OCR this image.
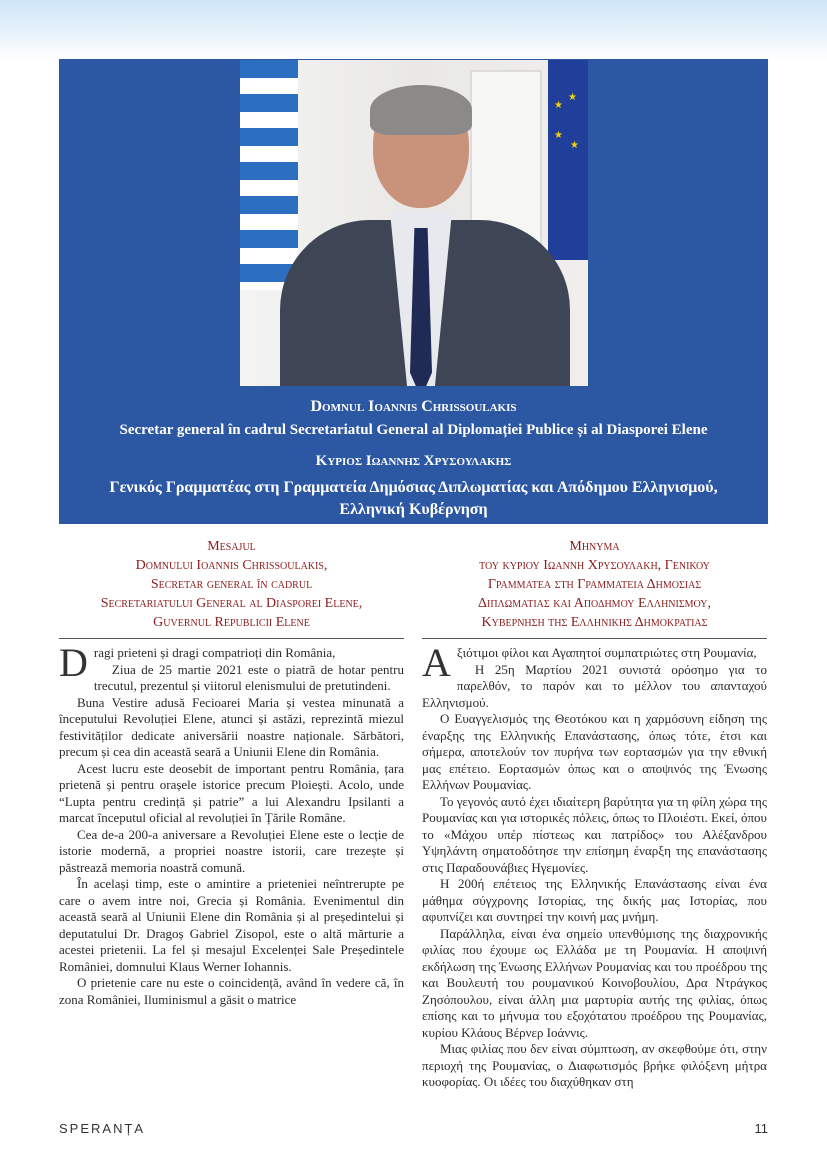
★
★
★
★
Domnul Ioannis Chrissoulakis
Secretar general în cadrul Secretariatul General al Diplomației Publice și al Diasporei Elene
Κυριος Ιωαννης Χρυσουλακης
Γενικός Γραμματέας στη Γραμματεία Δημόσιας Διπλωματίας και Απόδημου Ελληνισμού,
Ελληνική Κυβέρνηση
Mesajul
Domnului Ioannis Chrissoulakis,
Secretar general în cadrul
Secretariatului General al Diasporei Elene,
Guvernul Republicii Elene
Μηνυμα
του κυριου Ιωαννη Χρυσουλακη, Γενικου
Γραμματεα στη Γραμματεια Δημοσιας
Διπλωματιας και Αποδημου Ελληνισμου,
Κυβερνηση της Ελληνικης Δημοκρατιας
D ragi prieteni și dragi compatrioți din România,

Ziua de 25 martie 2021 este o piatră de hotar pentru trecutul, prezentul și viitorul elenismului de pretutindeni.

Buna Vestire adusă Fecioarei Maria și vestea minunată a începutului Revoluției Elene, atunci și astăzi, reprezintă miezul festivităților dedicate aniversării noastre naționale. Sărbători, precum și cea din această seară a Uniunii Elene din România.

Acest lucru este deosebit de important pentru România, țara prietenă și pentru orașele istorice precum Ploiești. Acolo, unde “Lupta pentru credință și patrie” a lui Alexandru Ipsilanti a marcat începutul oficial al revoluției în Țările Române.

Cea de-a 200-a aniversare a Revoluției Elene este o lecție de istorie modernă, a propriei noastre istorii, care trezește și păstrează memoria noastră comună.

În același timp, este o amintire a prieteniei neîntrerupte pe care o avem intre noi, Grecia și România. Evenimentul din această seară al Uniunii Elene din România și al președintelui și deputatului Dr. Dragoș Gabriel Zisopol, este o altă mărturie a acestei prietenii. La fel și mesajul Excelenței Sale Președintele României, domnului Klaus Werner Iohannis.

O prietenie care nu este o coincidență, având în vedere că, în zona României, Iluminismul a găsit o matrice

Α ξιότιμοι φίλοι και Αγαπητοί συμπατριώτες στη Ρουμανία,

Η 25η Μαρτίου 2021 συνιστά ορόσημο για το παρελθόν, το παρόν και το μέλλον του απανταχού Ελληνισμού.

Ο Ευαγγελισμός της Θεοτόκου και η χαρμόσυνη είδηση της έναρξης της Ελληνικής Επανάστασης, όπως τότε, έτσι και σήμερα, αποτελούν τον πυρήνα των εορτασμών για την εθνική μας επέτειο. Εορτασμών όπως και ο αποψινός της Ένωσης Ελλήνων Ρουμανίας.

Το γεγονός αυτό έχει ιδιαίτερη βαρύτητα για τη φίλη χώρα της Ρουμανίας και για ιστορικές πόλεις, όπως το Πλοιέστι. Εκεί, όπου το «Μάχου υπέρ πίστεως και πατρίδος» του Αλέξανδρου Υψηλάντη σηματοδότησε την επίσημη έναρξη της επανάστασης στις Παραδουνάβιες Ηγεμονίες.

Η 200ή επέτειος της Ελληνικής Επανάστασης είναι ένα μάθημα σύγχρονης Ιστορίας, της δικής μας Ιστορίας, που αφυπνίζει και συντηρεί την κοινή μας μνήμη.

Παράλληλα, είναι ένα σημείο υπενθύμισης της διαχρονικής φιλίας που έχουμε ως Ελλάδα με τη Ρουμανία. Η αποψινή εκδήλωση της Ένωσης Ελλήνων Ρουμανίας και του προέδρου της και Βουλευτή του ρουμανικού Κοινοβουλίου, Δρα Ντράγκος Ζησόπουλου, είναι άλλη μια μαρτυρία αυτής της φιλίας, όπως επίσης και το μήνυμα του εξοχότατου προέδρου της Ρουμανίας, κυρίου Κλάους Βέρνερ Ιοάννις.

Μιας φιλίας που δεν είναι σύμπτωση, αν σκεφθούμε ότι, στην περιοχή της Ρουμανίας, ο Διαφωτισμός βρήκε φιλόξενη μήτρα κυοφορίας. Οι ιδέες του διαχύθηκαν στη

SPERANȚA	11
